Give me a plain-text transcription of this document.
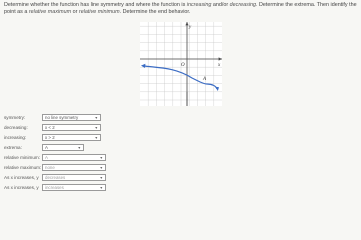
Determine whether the function has line symmetry and where the function is increasing and/or decreasing. Determine the extrema. Then identify the point as a relative maximum or relative minimum. Determine the end behavior.
y
x
O
A
symmetry:	no line symmetry	▼
decreasing:	x < 2	▼
increasing:	x > 2	▼
extrema:	A	▼
relative minimum:	A	▼
relative maximum: none	▼
As x increases, y	decreases	▼
As x increases, y	increases	▼
